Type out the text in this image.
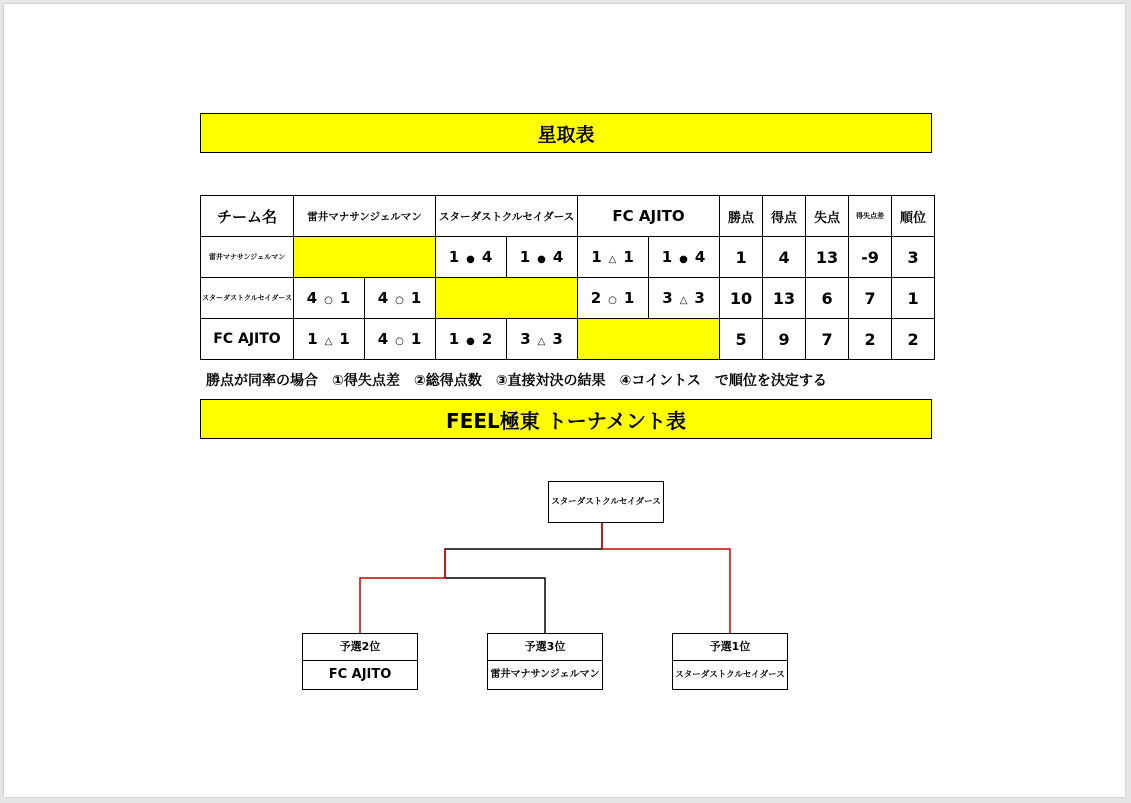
星取表
チーム名	雷井マナサンジェルマン		スターダストクルセイダース		FC AJITO		勝点	得点	失点	得失点差	順位
雷井マナサンジェルマン			1 ● 4	1 ● 4	1 △ 1	1 ● 4	1	4	13	-9	3
スターダストクルセイダース	4 ○ 1	4 ○ 1			2 ○ 1	3 △ 3	10	13	6	7	1
FC AJITO	1 △ 1	4 ○ 1	1 ● 2	3 △ 3			5	9	7	2	2
勝点が同率の場合　①得失点差　②総得点数　③直接対決の結果　④コイントス　で順位を決定する
FEEL極東 トーナメント表
スターダストクルセイダース
予選2位
FC AJITO
予選3位
雷井マナサンジェルマン
予選1位
スターダストクルセイダース
